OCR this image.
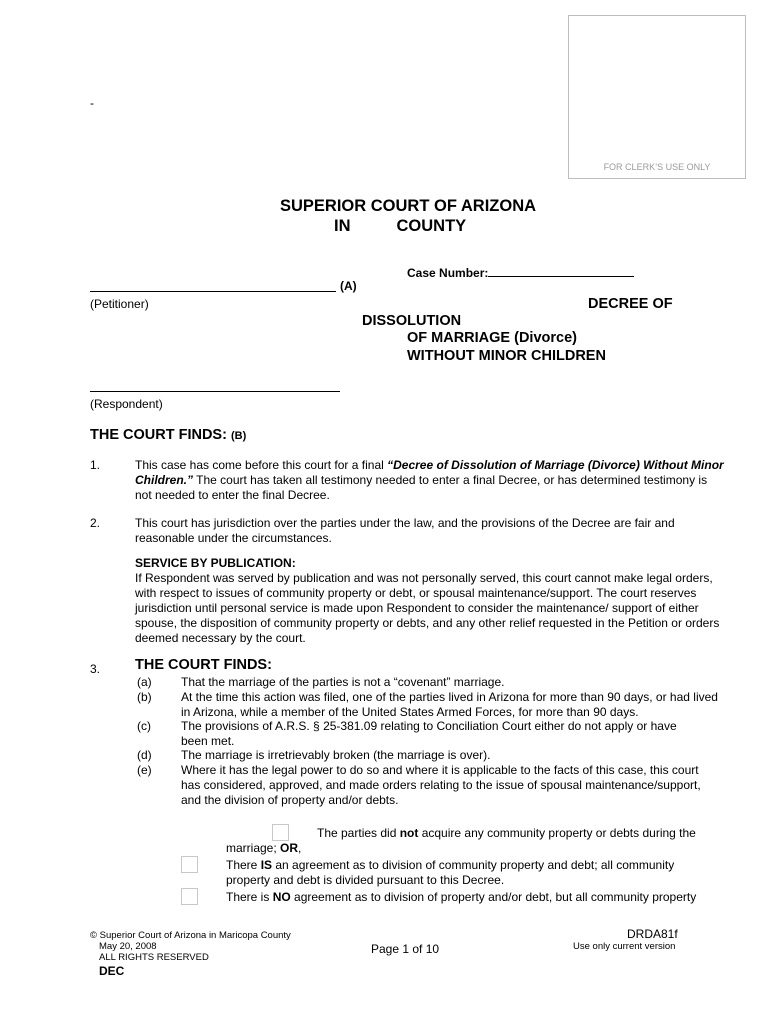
FOR CLERK’S USE ONLY
-
SUPERIOR COURT OF ARIZONA
IN	COUNTY
Case Number:
(A)
(Petitioner)	DECREE OF
DISSOLUTION
OF MARRIAGE (Divorce)
WITHOUT MINOR CHILDREN
(Respondent)
THE COURT FINDS: (B)
1.	This case has come before this court for a final “Decree of Dissolution of Marriage (Divorce) Without Minor Children.” The court has taken all testimony needed to enter a final Decree, or has determined testimony is not needed to enter the final Decree.
2.	This court has jurisdiction over the parties under the law, and the provisions of the Decree are fair and reasonable under the circumstances.
SERVICE BY PUBLICATION:
If Respondent was served by publication and was not personally served, this court cannot make legal orders, with respect to issues of community property or debt, or spousal maintenance/support. The court reserves jurisdiction until personal service is made upon Respondent to consider the maintenance/ support of either spouse, the disposition of community property or debts, and any other relief requested in the Petition or orders deemed necessary by the court.
3. THE COURT FINDS:
(a) That the marriage of the parties is not a “covenant” marriage.
(b) At the time this action was filed, one of the parties lived in Arizona for more than 90 days, or had lived in Arizona, while a member of the United States Armed Forces, for more than 90 days.
(c)	The provisions of A.R.S. § 25-381.09 relating to Conciliation Court either do not apply or have been met.
(d) The marriage is irretrievably broken (the marriage is over).
(e) Where it has the legal power to do so and where it is applicable to the facts of this case, this court has considered, approved, and made orders relating to the issue of spousal maintenance/support, and the division of property and/or debts.
The parties did not acquire any community property or debts during the
marriage; OR,
There IS an agreement as to division of community property and debt; all community property and debt is divided pursuant to this Decree.
There is NO agreement as to division of property and/or debt, but all community property
© Superior Court of Arizona in Maricopa County
May 20, 2008
ALL RIGHTS RESERVED
DEC
Page 1 of 10
DRDA81f
Use only current version
